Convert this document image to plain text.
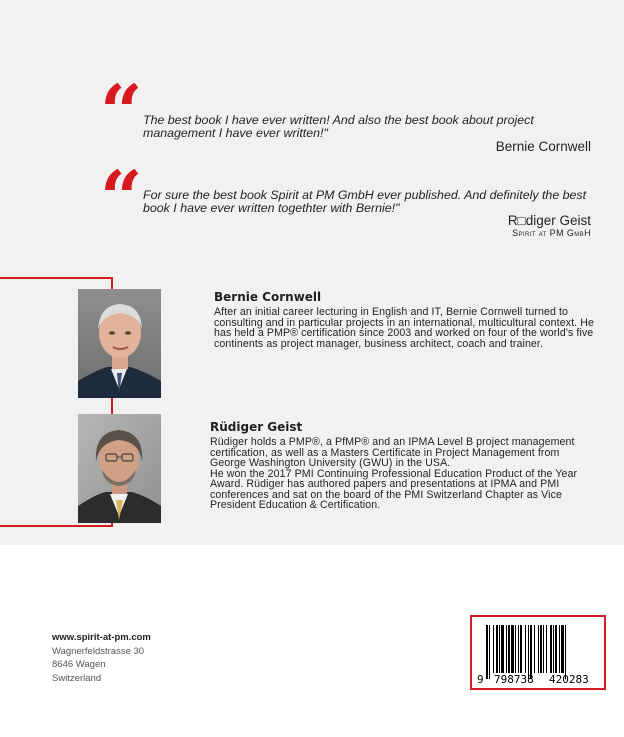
“ The best book I have ever written! And also the best book about project management I have ever written!"
Bernie Cornwell
“ For sure the best book Spirit at PM GmbH ever published. And definitely the best book I have ever written togethter with Bernie!"
R□diger Geist
Spirit at PM GmbH
Bernie Cornwell

After an initial career lecturing in English and IT, Bernie Cornwell turned to consulting and in particular projects in an international, multicultural context. He has held a PMP® certification since 2003 and worked on four of the world's five continents as project manager, business architect, coach and trainer.

Rüdiger Geist

Rüdiger holds a PMP®, a PfMP® and an IPMA Level B project management certification, as well as a Masters Certificate in Project Management from George Washington University (GWU) in the USA.

He won the 2017 PMI Continuing Professional Education Product of the Year Award. Rüdiger has authored papers and presentations at IPMA and PMI conferences and sat on the board of the PMI Switzerland Chapter as Vice President Education & Certification.

www.spirit-at-pm.com
Wagnerfeldstrasse 30
8646 Wagen
Switzerland	9 798738 420283
